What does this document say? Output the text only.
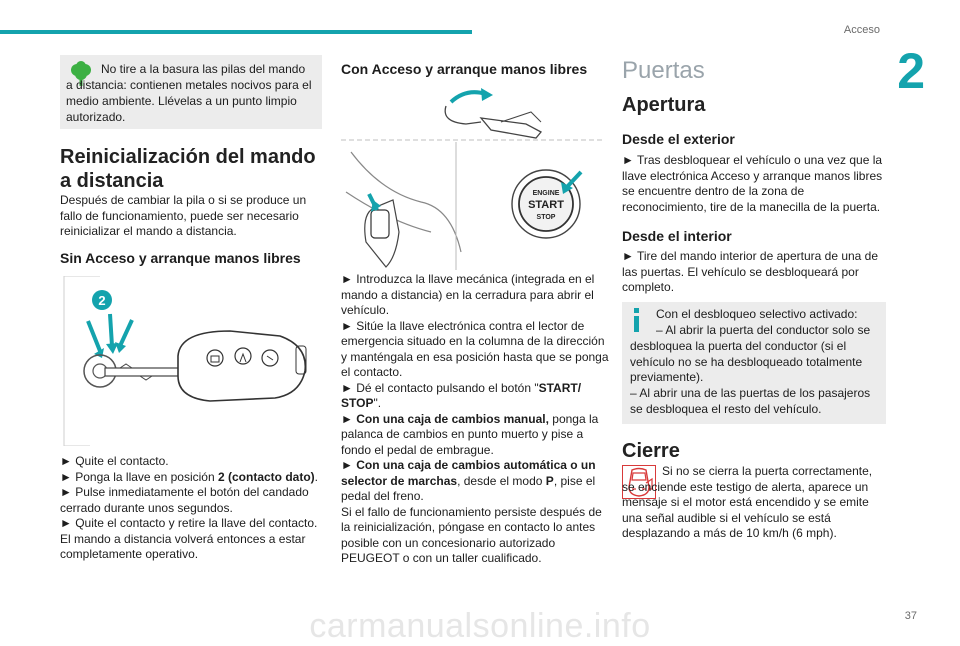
Acceso
2
No tire a la basura las pilas del mando a distancia: contienen metales nocivos para el medio ambiente. Llévelas a un punto limpio autorizado.
Reinicialización del mando a distancia

Después de cambiar la pila o si se produce un fallo de funcionamiento, puede ser necesario reinicializar el mando a distancia.

Sin Acceso y arranque manos libres
2

► Quite el contacto.

► Ponga la llave en posición 2 (contacto dato).

► Pulse inmediatamente el botón del candado cerrado durante unos segundos.

► Quite el contacto y retire la llave del contacto.

El mando a distancia volverá entonces a estar completamente operativo.

Con Acceso y arranque manos libres
ENGINE
START
STOP

► Introduzca la llave mecánica (integrada en el mando a distancia) en la cerradura para abrir el vehículo.

► Sitúe la llave electrónica contra el lector de emergencia situado en la columna de la dirección y manténgala en esa posición hasta que se ponga el contacto.

► Dé el contacto pulsando el botón "START/ STOP".

► Con una caja de cambios manual, ponga la palanca de cambios en punto muerto y pise a fondo el pedal de embrague.

► Con una caja de cambios automática o un selector de marchas, desde el modo P, pise el pedal del freno.

Si el fallo de funcionamiento persiste después de la reinicialización, póngase en contacto lo antes posible con un concesionario autorizado PEUGEOT o con un taller cualificado.

Puertas
Apertura
Desde el exterior

► Tras desbloquear el vehículo o una vez que la llave electrónica Acceso y arranque manos libres se encuentre dentro de la zona de reconocimiento, tire de la manecilla de la puerta.

Desde el interior

► Tire del mando interior de apertura de una de las puertas. El vehículo se desbloqueará por completo.

Con el desbloqueo selectivo activado:

– Al abrir la puerta del conductor solo se desbloquea la puerta del conductor (si el vehículo no se ha desbloqueado totalmente previamente).

– Al abrir una de las puertas de los pasajeros se desbloquea el resto del vehículo.

Cierre

Si no se cierra la puerta correctamente, se enciende este testigo de alerta, aparece un mensaje si el motor está encendido y se emite una señal audible si el vehículo se está desplazando a más de 10 km/h (6 mph).

37
carmanualsonline.info
